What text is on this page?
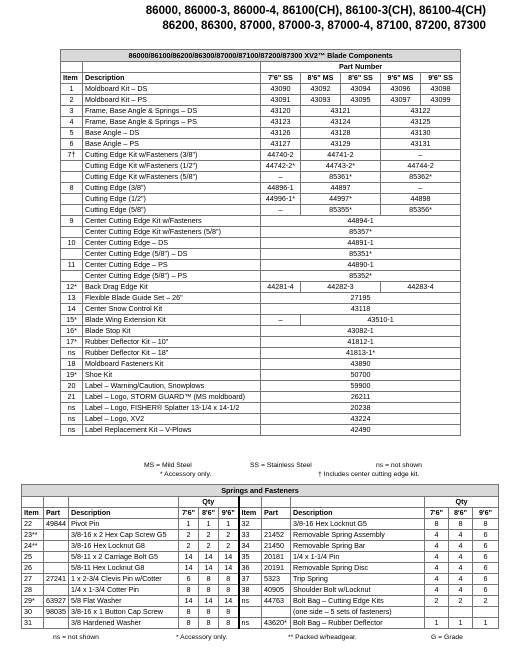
86000, 86000-3, 86000-4, 86100(CH), 86100-3(CH), 86100-4(CH)
86200, 86300, 87000, 87000-3, 87000-4, 87100, 87200, 87300
86000/86100/86200/86300/87000/87100/87200/87300 XV2™ Blade Components						
		Part Number				
Item	Description	7'6" SS	8'6" MS	8'6" SS	9'6" MS	9'6" SS
1	Moldboard Kit – DS	43090	43092	43094	43096	43098
2	Moldboard Kit – PS	43091	43093	43095	43097	43099
3	Frame, Base Angle & Springs – DS	43120	43121		43122	
4	Frame, Base Angle & Springs – PS	43123	43124		43125	
5	Base Angle – DS	43126	43128		43130	
6	Base Angle – PS	43127	43129		43131	
7†	Cutting Edge Kit w/Fasteners (3/8")	44740-2	44741-2		–	
	Cutting Edge Kit w/Fasteners (1/2")	44742-2*	44743-2*		44744-2	
	Cutting Edge Kit w/Fasteners (5/8")	–	85361*		85362*	
8	Cutting Edge (3/8")	44896-1	44897		–	
	Cutting Edge (1/2")	44996-1*	44997*		44898	
	Cutting Edge (5/8")	–	85355*		85356*	
9	Center Cutting Edge Kit w/Fasteners	44894-1				
	Center Cutting Edge Kit w/Fasteners (5/8")	85357*				
10	Center Cutting Edge – DS	44891-1				
	Center Cutting Edge (5/8") – DS	85351*				
11	Center Cutting Edge – PS	44890-1				
	Center Cutting Edge (5/8") – PS	85352*				
12*	Back Drag Edge Kit	44281-4	44282-3		44283-4	
13	Flexible Blade Guide Set – 26"	27195				
14	Center Snow Control Kit	43118				
15*	Blade Wing Extension Kit	–	43510-1			
16*	Blade Stop Kit	43082-1				
17*	Rubber Deflector Kit – 10"	41812-1				
ns	Rubber Deflector Kit – 18"	41813-1*				
18	Moldboard Fasteners Kit	43890				
19*	Shoe Kit	50700				
20	Label – Warning/Caution, Snowplows	59900				
21	Label – Logo, STORM GUARD™ (MS moldboard)	26211				
ns	Label – Logo, FISHER® Splatter 13-1/4 x 14-1/2	20238				
ns	Label – Logo, XV2	43224				
ns	Label Replacement Kit – V-Plows	42490				
MS = Mild Steel	SS = Stainless Steel	ns = not shown
* Accessory only.	† Includes center cutting edge kit.
Springs and Fasteners											
			Qty						Qty		
Item	Part	Description	7'6"	8'6"	9'6"	Item	Part	Description	7'6"	8'6"	9'6"
22	49844	Pivot Pin	1	1	1	32		3/8-16 Hex Locknut G5	8	8	8
23**		3/8-16 x 2 Hex Cap Screw G5	2	2	2	33	21452	Removable Spring Assembly	4	4	6
24**		3/8-16 Hex Locknut G8	2	2	2	34	21450	Removable Spring Bar	4	4	6
25		5/8-11 x 2 Carriage Bolt G5	14	14	14	35	20181	1/4 x 1-1/4 Pin	4	4	6
26		5/8-11 Hex Locknut G8	14	14	14	36	20191	Removable Spring Disc	4	4	6
27	27241	1 x 2-3/4 Clevis Pin w/Cotter	6	8	8	37	5323	Trip Spring	4	4	6
28		1/4 x 1-3/4 Cotter Pin	8	8	8	38	40905	Shoulder Bolt w/Locknut	4	4	6
29*	63927	5/8 Flat Washer	14	14	14	ns	44763	Bolt Bag – Cutting Edge Kits	2	2	2
30	98035	3/8-16 x 1 Button Cap Screw	8	8	8			(one side – 5 sets of fasteners)			
31		3/8 Hardened Washer	8	8	8	ns	43620*	Bolt Bag – Rubber Deflector	1	1	1
ns = not shown	* Accessory only.	** Packed w/headgear.	G = Grade
